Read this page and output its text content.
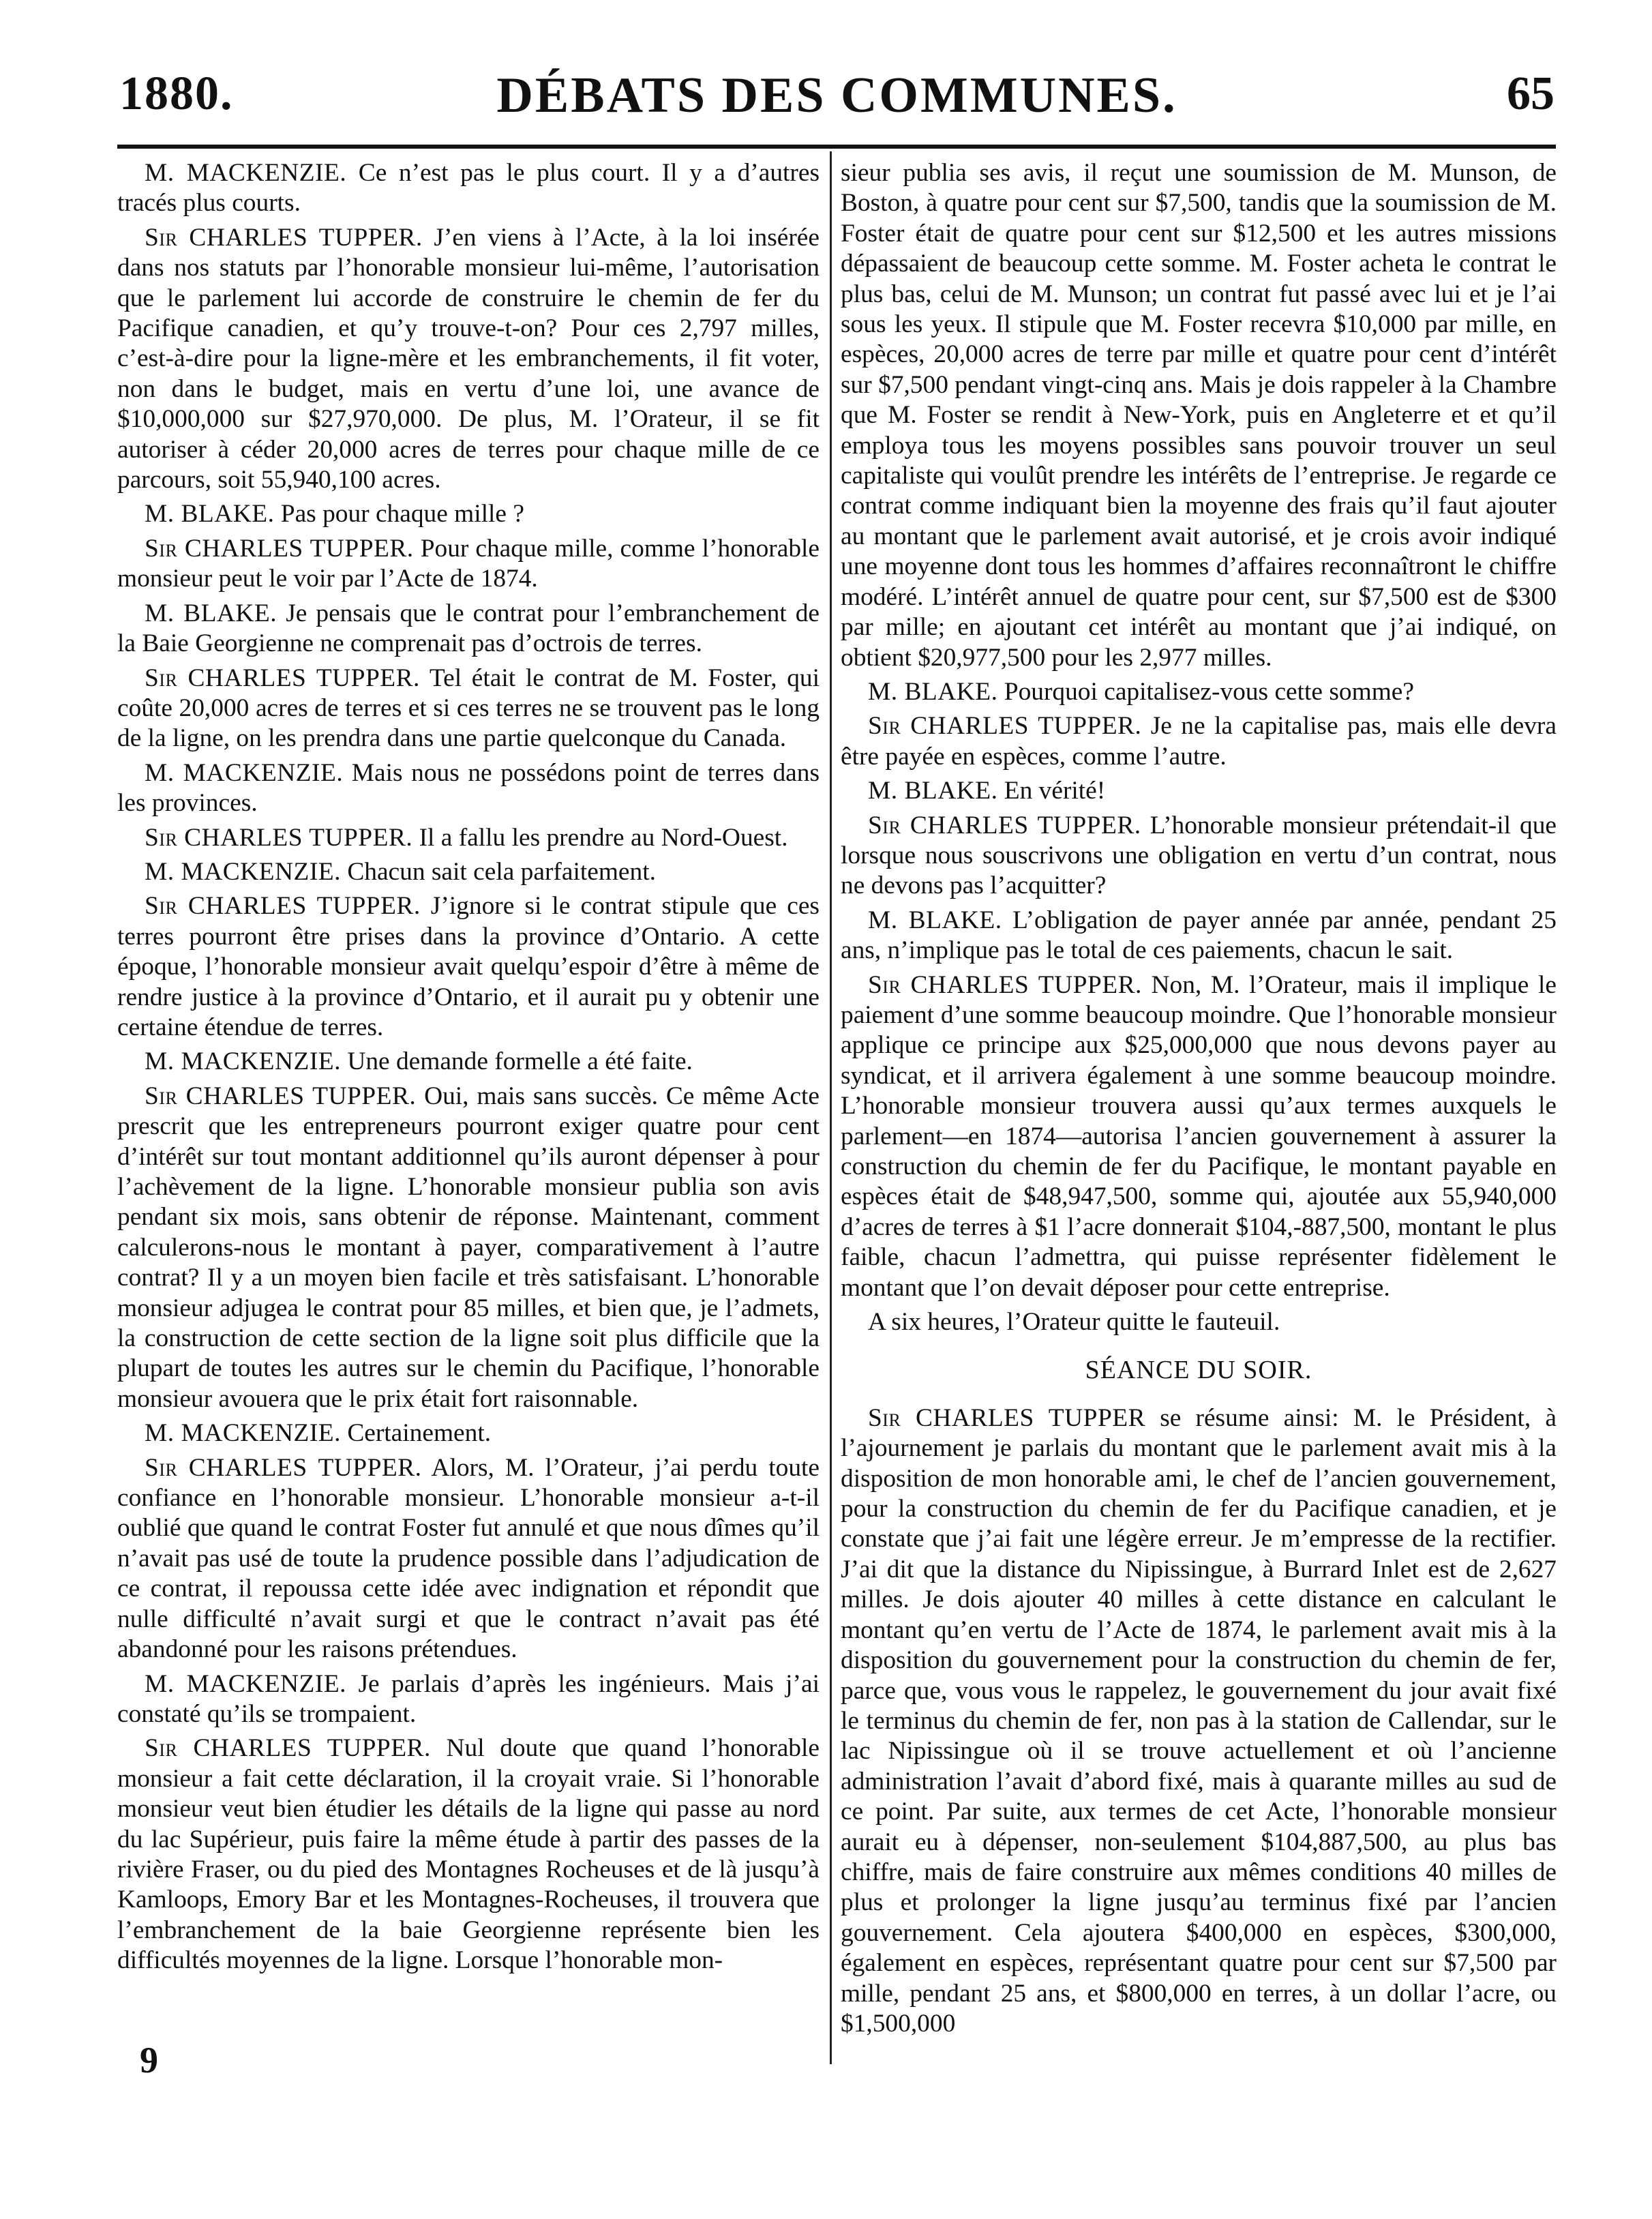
1880.	DÉBATS DES COMMUNES.	65

M. MACKENZIE. Ce n’est pas le plus court. Il y a d’autres tracés plus courts.

Sir CHARLES TUPPER. J’en viens à l’Acte, à la loi insérée dans nos statuts par l’honorable monsieur lui-même, l’autorisation que le parlement lui accorde de construire le chemin de fer du Pacifique canadien, et qu’y trouve-t-on? Pour ces 2,797 milles, c’est-à-dire pour la ligne-mère et les embranchements, il fit voter, non dans le budget, mais en vertu d’une loi, une avance de $10,000,000 sur $27,970,000. De plus, M. l’Orateur, il se fit autoriser à céder 20,000 acres de terres pour chaque mille de ce parcours, soit 55,940,100 acres.

M. BLAKE. Pas pour chaque mille ?

Sir CHARLES TUPPER. Pour chaque mille, comme l’honorable monsieur peut le voir par l’Acte de 1874.

M. BLAKE. Je pensais que le contrat pour l’embranchement de la Baie Georgienne ne comprenait pas d’octrois de terres.

Sir CHARLES TUPPER. Tel était le contrat de M. Foster, qui coûte 20,000 acres de terres et si ces terres ne se trouvent pas le long de la ligne, on les prendra dans une partie quelconque du Canada.

M. MACKENZIE. Mais nous ne possédons point de terres dans les provinces.

Sir CHARLES TUPPER. Il a fallu les prendre au Nord-Ouest.

M. MACKENZIE. Chacun sait cela parfaitement.

Sir CHARLES TUPPER. J’ignore si le contrat stipule que ces terres pourront être prises dans la province d’Ontario. A cette époque, l’honorable monsieur avait quelqu’espoir d’être à même de rendre justice à la province d’Ontario, et il aurait pu y obtenir une certaine étendue de terres.

M. MACKENZIE. Une demande formelle a été faite.

Sir CHARLES TUPPER. Oui, mais sans succès. Ce même Acte prescrit que les entrepreneurs pourront exiger quatre pour cent d’intérêt sur tout montant additionnel qu’ils auront dépenser à pour l’achèvement de la ligne. L’honorable monsieur publia son avis pendant six mois, sans obtenir de réponse. Maintenant, comment calculerons-nous le montant à payer, comparativement à l’autre contrat? Il y a un moyen bien facile et très satisfaisant. L’honorable monsieur adjugea le contrat pour 85 milles, et bien que, je l’admets, la construction de cette section de la ligne soit plus difficile que la plupart de toutes les autres sur le chemin du Pacifique, l’honorable monsieur avouera que le prix était fort raisonnable.

M. MACKENZIE. Certainement.

Sir CHARLES TUPPER. Alors, M. l’Orateur, j’ai perdu toute confiance en l’honorable monsieur. L’honorable monsieur a-t-il oublié que quand le contrat Foster fut annulé et que nous dîmes qu’il n’avait pas usé de toute la prudence possible dans l’adjudication de ce contrat, il repoussa cette idée avec indignation et répondit que nulle difficulté n’avait surgi et que le contract n’avait pas été abandonné pour les raisons prétendues.

M. MACKENZIE. Je parlais d’après les ingénieurs. Mais j’ai constaté qu’ils se trompaient.

Sir CHARLES TUPPER. Nul doute que quand l’honorable monsieur a fait cette déclaration, il la croyait vraie. Si l’honorable monsieur veut bien étudier les détails de la ligne qui passe au nord du lac Supérieur, puis faire la même étude à partir des passes de la rivière Fraser, ou du pied des Montagnes Rocheuses et de là jusqu’à Kamloops, Emory Bar et les Montagnes-Rocheuses, il trouvera que l’embranchement de la baie Georgienne représente bien les difficultés moyennes de la ligne. Lorsque l’honorable mon-

sieur publia ses avis, il reçut une soumission de M. Munson, de Boston, à quatre pour cent sur $7,500, tandis que la soumission de M. Foster était de quatre pour cent sur $12,500 et les autres missions dépassaient de beaucoup cette somme. M. Foster acheta le contrat le plus bas, celui de M. Munson; un contrat fut passé avec lui et je l’ai sous les yeux. Il stipule que M. Foster recevra $10,000 par mille, en espèces, 20,000 acres de terre par mille et quatre pour cent d’intérêt sur $7,500 pendant vingt-cinq ans. Mais je dois rappeler à la Chambre que M. Foster se rendit à New-York, puis en Angleterre et et qu’il employa tous les moyens possibles sans pouvoir trouver un seul capitaliste qui voulût prendre les intérêts de l’entreprise. Je regarde ce contrat comme indiquant bien la moyenne des frais qu’il faut ajouter au montant que le parlement avait autorisé, et je crois avoir indiqué une moyenne dont tous les hommes d’affaires reconnaîtront le chiffre modéré. L’intérêt annuel de quatre pour cent, sur $7,500 est de $300 par mille; en ajoutant cet intérêt au montant que j’ai indiqué, on obtient $20,977,500 pour les 2,977 milles.

M. BLAKE. Pourquoi capitalisez-vous cette somme?

Sir CHARLES TUPPER. Je ne la capitalise pas, mais elle devra être payée en espèces, comme l’autre.

M. BLAKE. En vérité!

Sir CHARLES TUPPER. L’honorable monsieur prétendait-il que lorsque nous souscrivons une obligation en vertu d’un contrat, nous ne devons pas l’acquitter?

M. BLAKE. L’obligation de payer année par année, pendant 25 ans, n’implique pas le total de ces paiements, chacun le sait.

Sir CHARLES TUPPER. Non, M. l’Orateur, mais il implique le paiement d’une somme beaucoup moindre. Que l’honorable monsieur applique ce principe aux $25,000,000 que nous devons payer au syndicat, et il arrivera également à une somme beaucoup moindre. L’honorable monsieur trouvera aussi qu’aux termes auxquels le parlement—en 1874—autorisa l’ancien gouvernement à assurer la construction du chemin de fer du Pacifique, le montant payable en espèces était de $48,947,500, somme qui, ajoutée aux 55,940,000 d’acres de terres à $1 l’acre donnerait $104,-887,500, montant le plus faible, chacun l’admettra, qui puisse représenter fidèlement le montant que l’on devait déposer pour cette entreprise.

A six heures, l’Orateur quitte le fauteuil.

SÉANCE DU SOIR.

Sir CHARLES TUPPER se résume ainsi: M. le Président, à l’ajournement je parlais du montant que le parlement avait mis à la disposition de mon honorable ami, le chef de l’ancien gouvernement, pour la construction du chemin de fer du Pacifique canadien, et je constate que j’ai fait une légère erreur. Je m’empresse de la rectifier. J’ai dit que la distance du Nipissingue, à Burrard Inlet est de 2,627 milles. Je dois ajouter 40 milles à cette distance en calculant le montant qu’en vertu de l’Acte de 1874, le parlement avait mis à la disposition du gouvernement pour la construction du chemin de fer, parce que, vous vous le rappelez, le gouvernement du jour avait fixé le terminus du chemin de fer, non pas à la station de Callendar, sur le lac Nipissingue où il se trouve actuellement et où l’ancienne administration l’avait d’abord fixé, mais à quarante milles au sud de ce point. Par suite, aux termes de cet Acte, l’honorable monsieur aurait eu à dépenser, non-seulement $104,887,500, au plus bas chiffre, mais de faire construire aux mêmes conditions 40 milles de plus et prolonger la ligne jusqu’au terminus fixé par l’ancien gouvernement. Cela ajoutera $400,000 en espèces, $300,000, également en espèces, représentant quatre pour cent sur $7,500 par mille, pendant 25 ans, et $800,000 en terres, à un dollar l’acre, ou $1,500,000

9
